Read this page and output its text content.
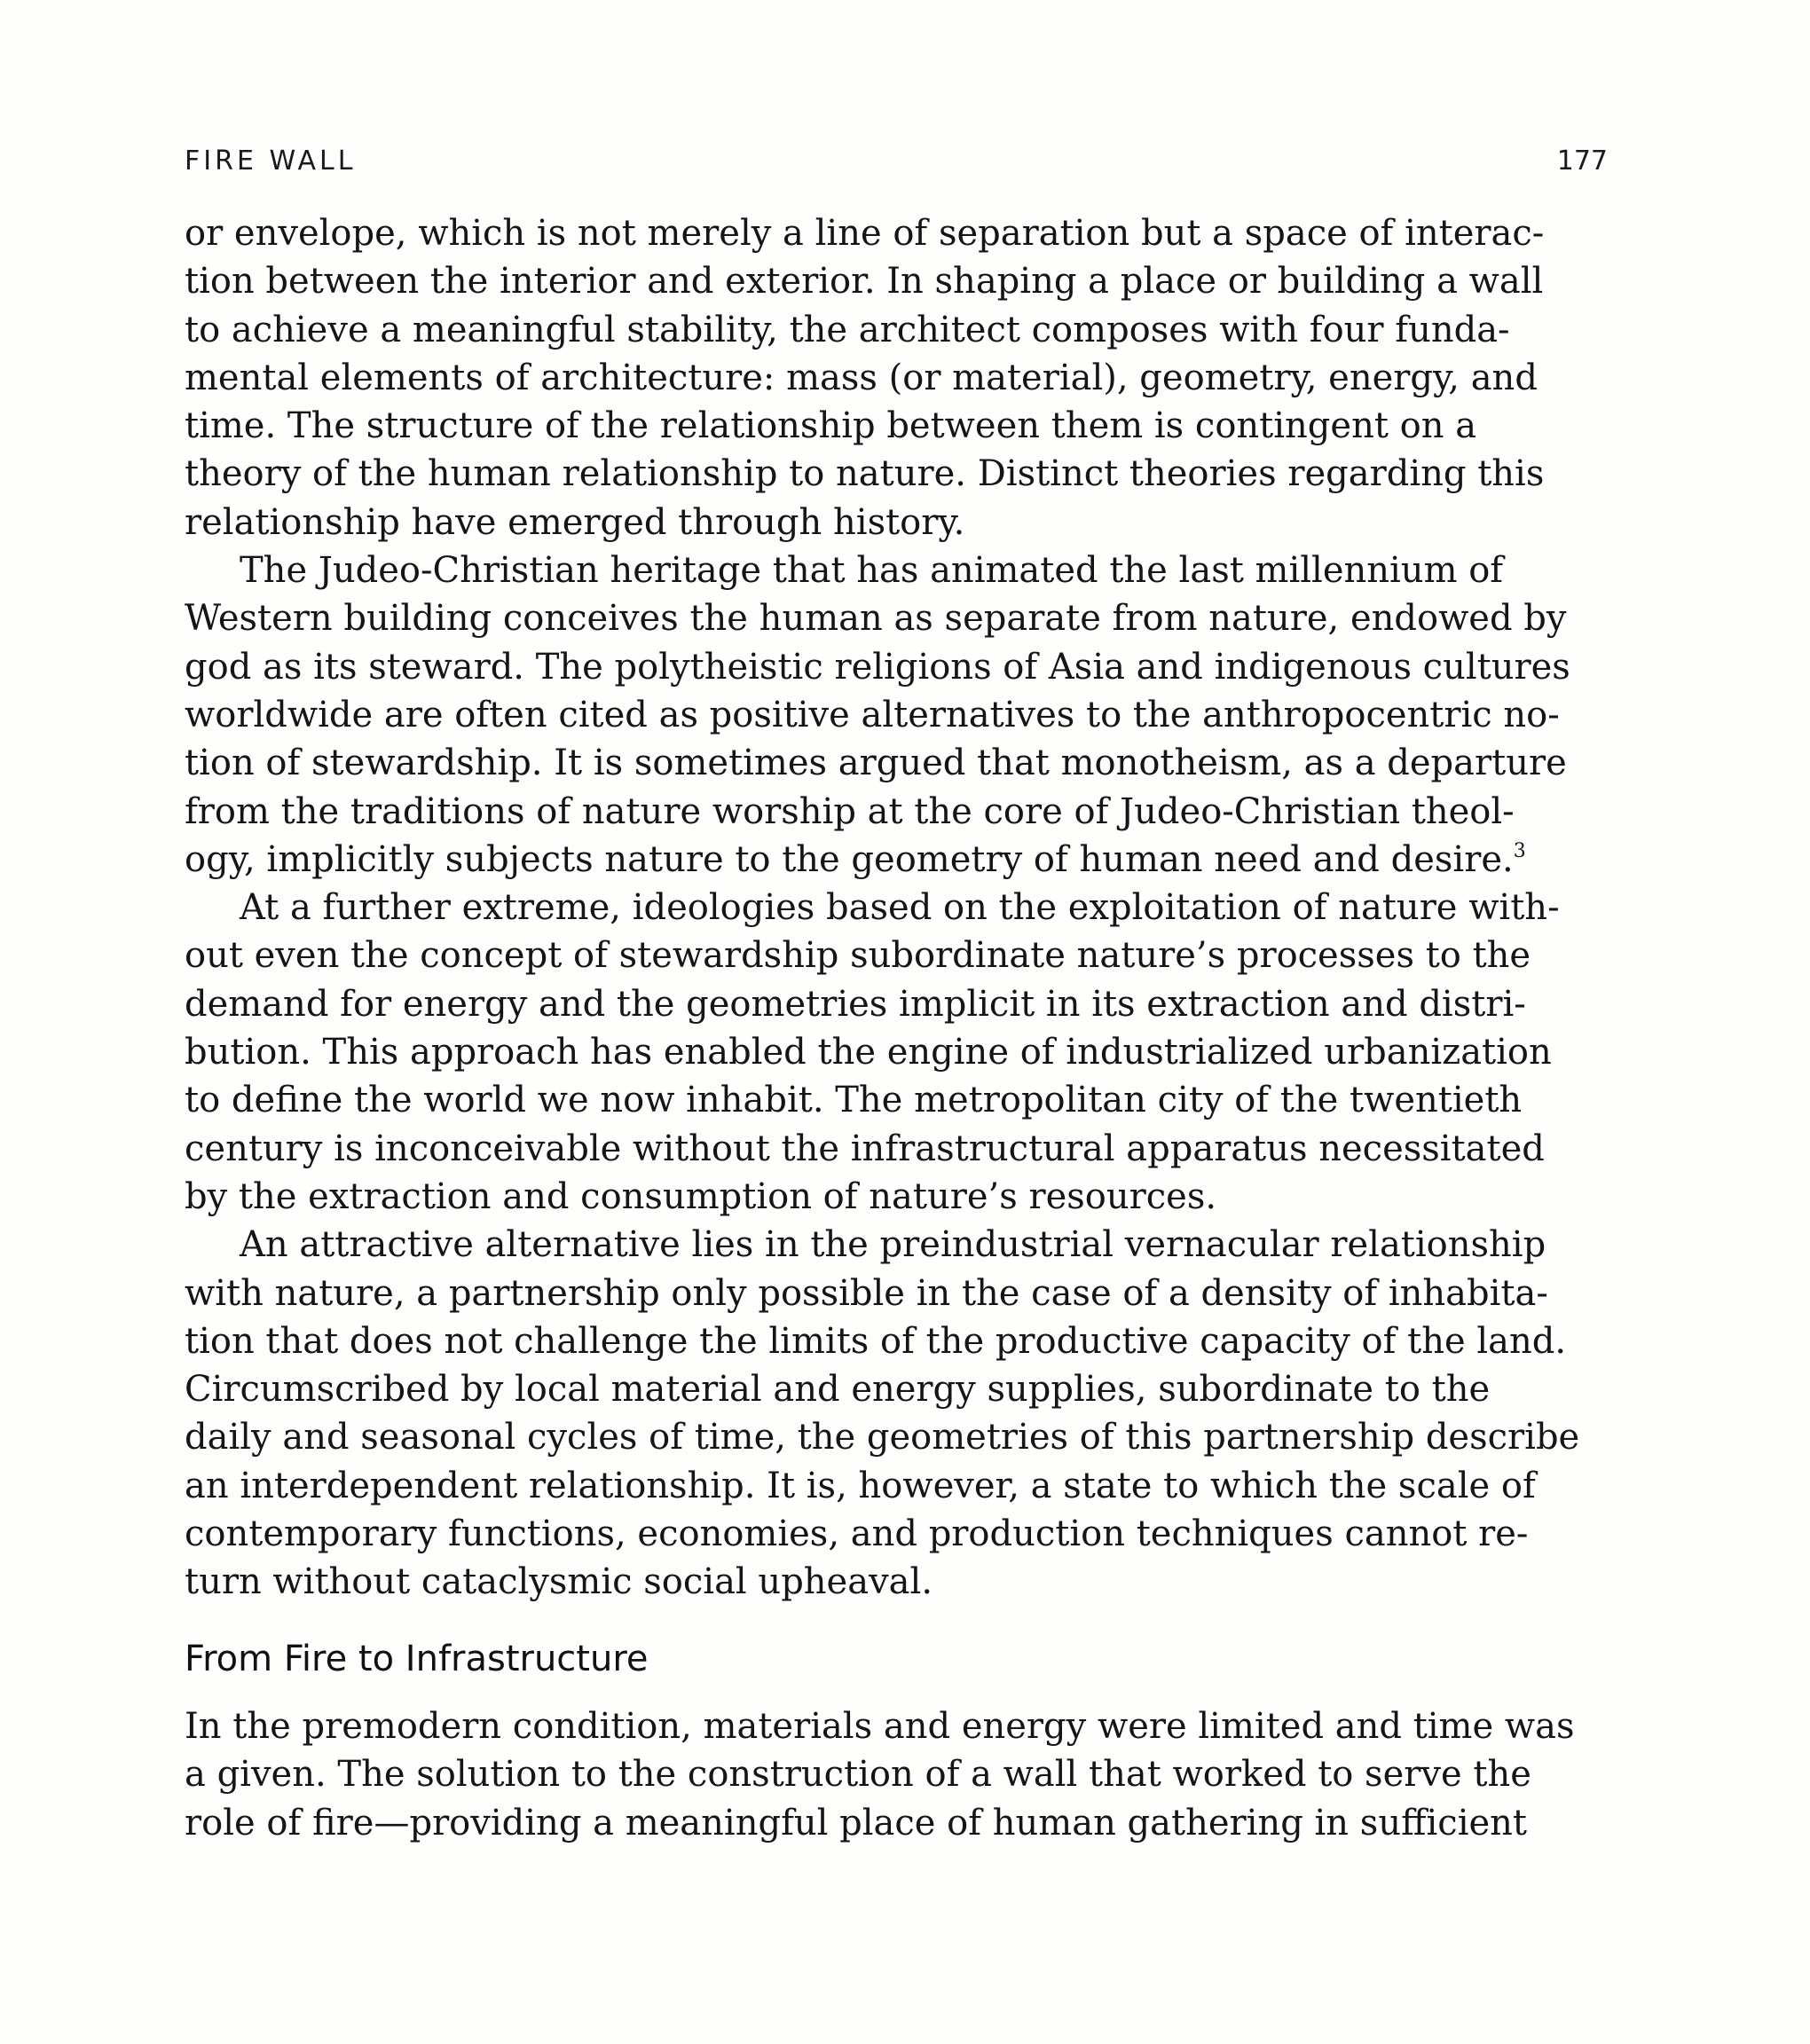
FIRE WALL	177
or envelope, which is not merely a line of separation but a space of interac-
tion between the interior and exterior. In shaping a place or building a wall
to achieve a meaningful stability, the architect composes with four funda-
mental elements of architecture: mass (or material), geometry, energy, and
time. The structure of the relationship between them is contingent on a
theory of the human relationship to nature. Distinct theories regarding this
relationship have emerged through history.
The Judeo-Christian heritage that has animated the last millennium of
Western building conceives the human as separate from nature, endowed by
god as its steward. The polytheistic religions of Asia and indigenous cultures
worldwide are often cited as positive alternatives to the anthropocentric no-
tion of stewardship. It is sometimes argued that monotheism, as a departure
from the traditions of nature worship at the core of Judeo-Christian theol-
ogy, implicitly subjects nature to the geometry of human need and desire.$^3$
At a further extreme, ideologies based on the exploitation of nature with-
out even the concept of stewardship subordinate nature’s processes to the
demand for energy and the geometries implicit in its extraction and distri-
bution. This approach has enabled the engine of industrialized urbanization
to define the world we now inhabit. The metropolitan city of the twentieth
century is inconceivable without the infrastructural apparatus necessitated
by the extraction and consumption of nature’s resources.
An attractive alternative lies in the preindustrial vernacular relationship
with nature, a partnership only possible in the case of a density of inhabita-
tion that does not challenge the limits of the productive capacity of the land.
Circumscribed by local material and energy supplies, subordinate to the
daily and seasonal cycles of time, the geometries of this partnership describe
an interdependent relationship. It is, however, a state to which the scale of
contemporary functions, economies, and production techniques cannot re-
turn without cataclysmic social upheaval.
From Fire to Infrastructure
In the premodern condition, materials and energy were limited and time was
a given. The solution to the construction of a wall that worked to serve the
role of fire—providing a meaningful place of human gathering in sufficient
